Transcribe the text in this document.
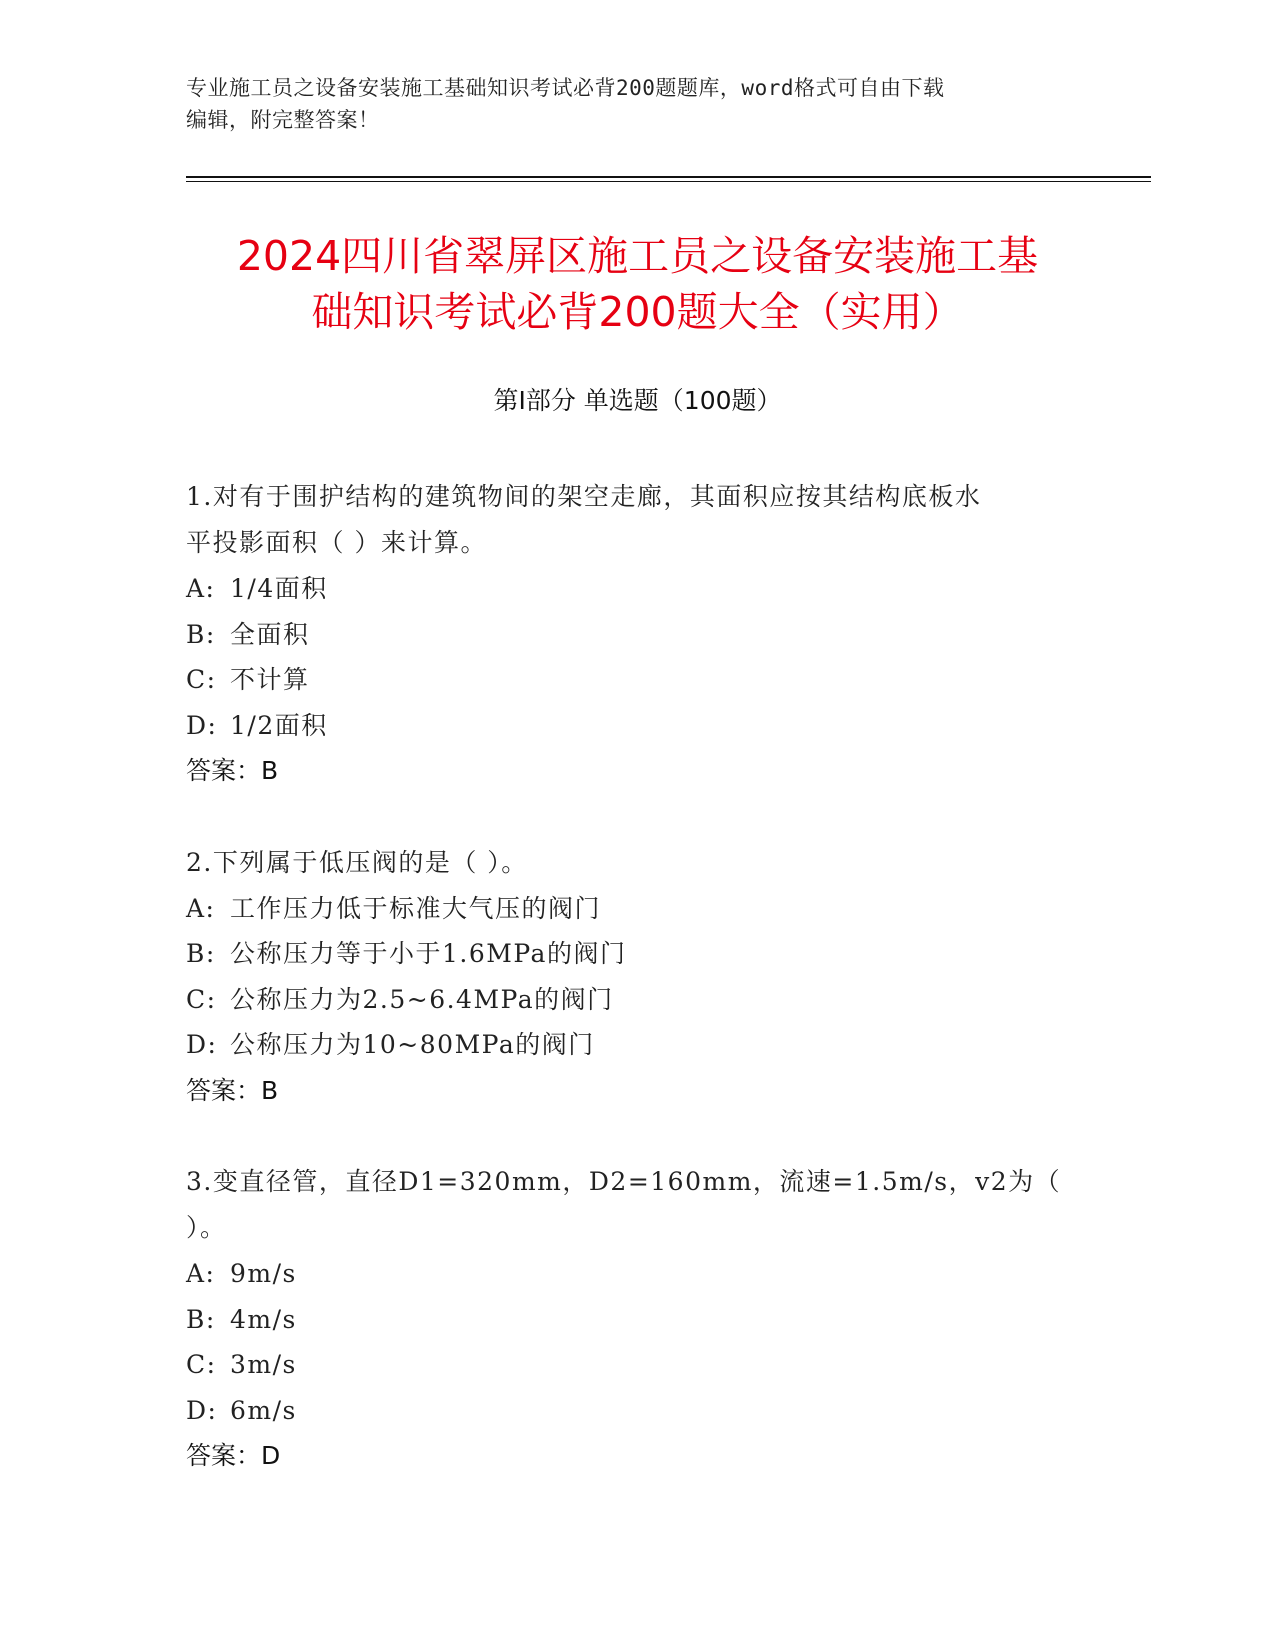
专业施工员之设备安装施工基础知识考试必背200题题库，word格式可自由下载
编辑，附完整答案！
2024四川省翠屏区施工员之设备安装施工基
础知识考试必背200题大全（实用）
第Ⅰ部分 单选题（100题）

1.对有于围护结构的建筑物间的架空走廊，其面积应按其结构底板水

平投影面积（ ）来计算。

A: 1/4面积

B: 全面积

C: 不计算

D: 1/2面积

答案：B

2.下列属于低压阀的是（ ）。

A: 工作压力低于标准大气压的阀门

B: 公称压力等于小于1.6MPa的阀门

C: 公称压力为2.5~6.4MPa的阀门

D: 公称压力为10~80MPa的阀门

答案：B

3.变直径管，直径D1=320mm，D2=160mm，流速=1.5m/s，v2为（ ）。

A: 9m/s

B: 4m/s

C: 3m/s

D: 6m/s

答案：D
